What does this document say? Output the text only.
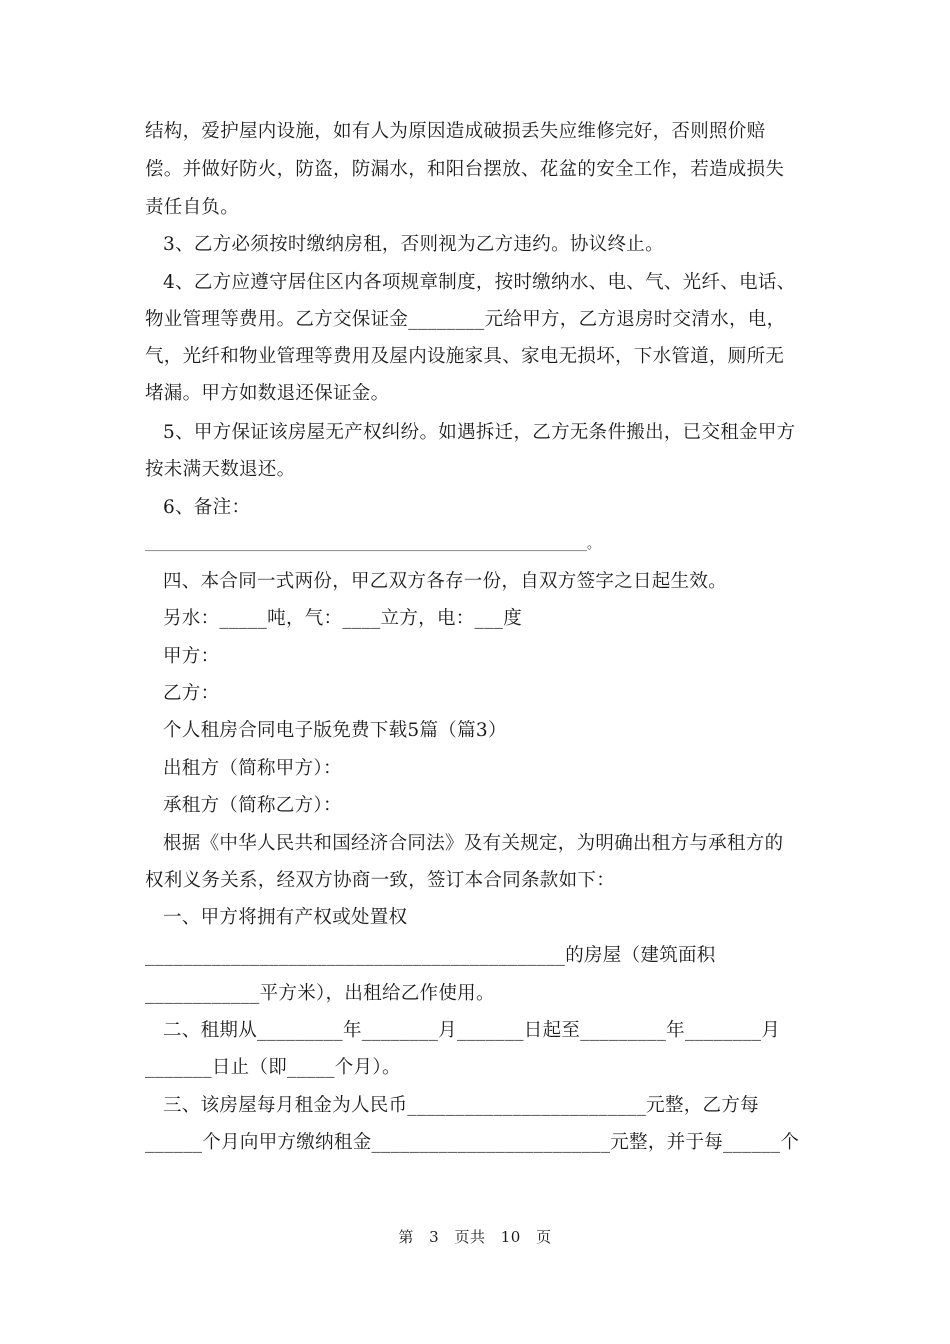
结构，爱护屋内设施，如有人为原因造成破损丢失应维修完好，否则照价赔
偿。并做好防火，防盗，防漏水，和阳台摆放、花盆的安全工作，若造成损失
责任自负。
3、乙方必须按时缴纳房租，否则视为乙方违约。协议终止。
4、乙方应遵守居住区内各项规章制度，按时缴纳水、电、气、光纤、电话、
物业管理等费用。乙方交保证金________元给甲方，乙方退房时交清水，电，
气，光纤和物业管理等费用及屋内设施家具、家电无损坏，下水管道，厕所无
堵漏。甲方如数退还保证金。
5、甲方保证该房屋无产权纠纷。如遇拆迁，乙方无条件搬出，已交租金甲方
按未满天数退还。
6、备注：
____________________________________________________________________。
四、本合同一式两份，甲乙双方各存一份，自双方签字之日起生效。
另水：_____吨，气：____立方，电：___度
甲方：
乙方：
个人租房合同电子版免费下载5篇（篇3）
出租方（简称甲方）：
承租方（简称乙方）：
根据《中华人民共和国经济合同法》及有关规定，为明确出租方与承租方的
权利义务关系，经双方协商一致，签订本合同条款如下：
一、甲方将拥有产权或处置权
____________________________________________的房屋（建筑面积
____________平方米），出租给乙作使用。
二、租期从_________年________月_______日起至_________年________月
_______日止（即_____个月）。
三、该房屋每月租金为人民币_________________________元整，乙方每
______个月向甲方缴纳租金_________________________元整，并于每______个
第 3 页共 10 页
